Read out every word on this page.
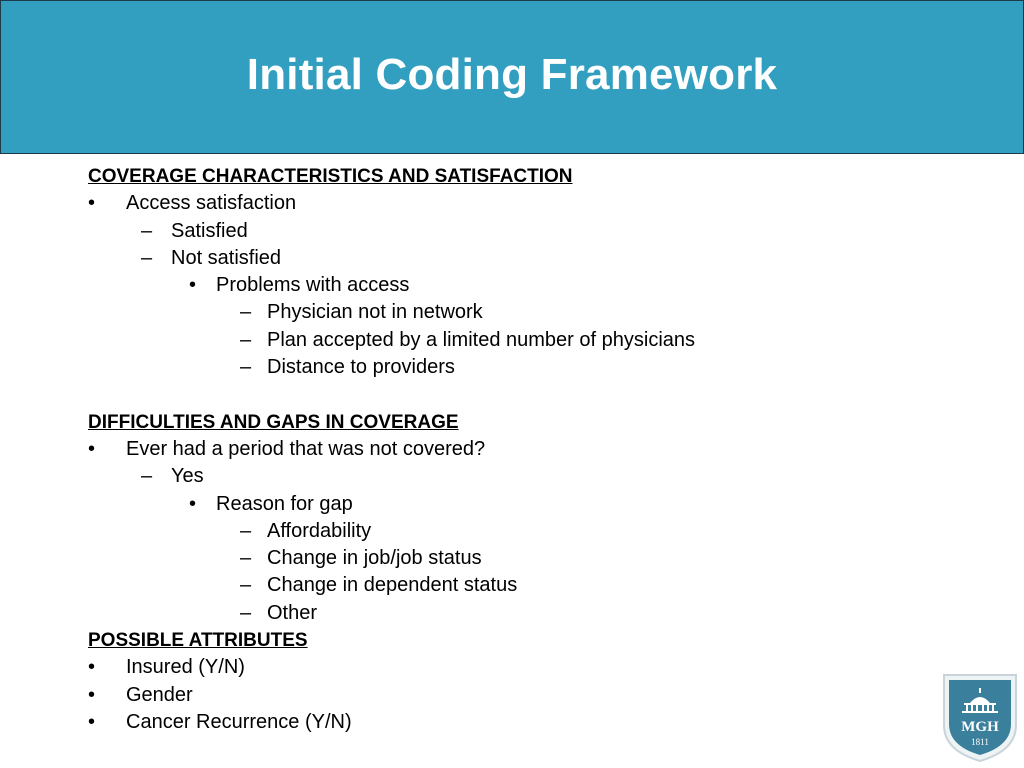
Initial Coding Framework
COVERAGE CHARACTERISTICS AND SATISFACTION
• Access satisfaction
– Satisfied
– Not satisfied
• Problems with access
– Physician not in network
– Plan accepted by a limited number of physicians
– Distance to providers
DIFFICULTIES AND GAPS IN COVERAGE
• Ever had a period that was not covered?
– Yes
• Reason for gap
– Affordability
– Change in job/job status
– Change in dependent status
– Other
POSSIBLE ATTRIBUTES
• Insured (Y/N)
• Gender
• Cancer Recurrence (Y/N)	MGH
1811
